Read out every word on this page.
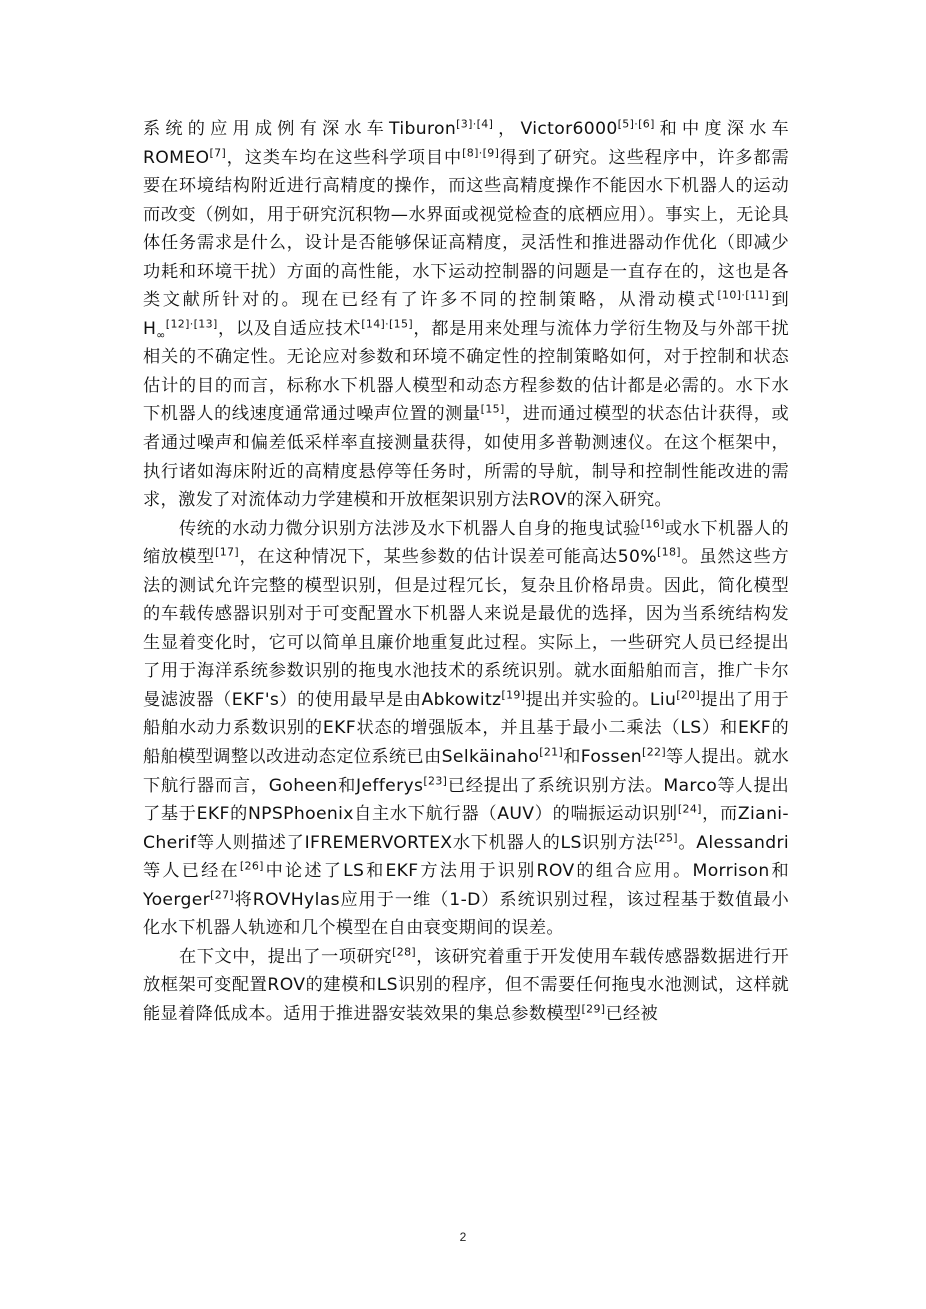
系统的应用成例有深水车Tiburon[3]·[4]，Victor6000[5]·[6]和中度深水车ROMEO[7]，这类车均在这些科学项目中[8]·[9]得到了研究。这些程序中，许多都需要在环境结构附近进行高精度的操作，而这些高精度操作不能因水下机器人的运动而改变（例如，用于研究沉积物—水界面或视觉检查的底栖应用）。事实上，无论具体任务需求是什么，设计是否能够保证高精度，灵活性和推进器动作优化（即减少功耗和环境干扰）方面的高性能，水下运动控制器的问题是一直存在的，这也是各类文献所针对的。现在已经有了许多不同的控制策略，从滑动模式[10]·[11]到$H_\infty[12]\cdot[13]$，以及自适应技术[14]·[15]，都是用来处理与流体力学衍生物及与外部干扰相关的不确定性。无论应对参数和环境不确定性的控制策略如何，对于控制和状态估计的目的而言，标称水下机器人模型和动态方程参数的估计都是必需的。水下水下机器人的线速度通常通过噪声位置的测量[15]，进而通过模型的状态估计获得，或者通过噪声和偏差低采样率直接测量获得，如使用多普勒测速仪。在这个框架中，执行诸如海床附近的高精度悬停等任务时，所需的导航，制导和控制性能改进的需求，激发了对流体动力学建模和开放框架识别方法ROV的深入研究。

传统的水动力微分识别方法涉及水下机器人自身的拖曳试验[16]或水下机器人的缩放模型[17]，在这种情况下，某些参数的估计误差可能高达50%[18]。虽然这些方法的测试允许完整的模型识别，但是过程冗长，复杂且价格昂贵。因此，简化模型的车载传感器识别对于可变配置水下机器人来说是最优的选择，因为当系统结构发生显着变化时，它可以简单且廉价地重复此过程。实际上，一些研究人员已经提出了用于海洋系统参数识别的拖曳水池技术的系统识别。就水面船舶而言，推广卡尔曼滤波器（EKF's）的使用最早是由Abkowitz[19]提出并实验的。Liu[20]提出了用于船舶水动力系数识别的EKF状态的增强版本，并且基于最小二乘法（LS）和EKF的船舶模型调整以改进动态定位系统已由Selkäinaho[21]和Fossen[22]等人提出。就水下航行器而言，Goheen和Jefferys[23]已经提出了系统识别方法。Marco等人提出了基于EKF的NPSPhoenix自主水下航行器（AUV）的喘振运动识别[24]，而Ziani-Cherif等人则描述了IFREMERVORTEX水下机器人的LS识别方法[25]。Alessandri等人已经在[26]中论述了LS和EKF方法用于识别ROV的组合应用。Morrison和Yoerger[27]将ROVHylas应用于一维（1-D）系统识别过程，该过程基于数值最小化水下机器人轨迹和几个模型在自由衰变期间的误差。

在下文中，提出了一项研究[28]，该研究着重于开发使用车载传感器数据进行开放框架可变配置ROV的建模和LS识别的程序，但不需要任何拖曳水池测试，这样就能显着降低成本。适用于推进器安装效果的集总参数模型[29]已经被

2
